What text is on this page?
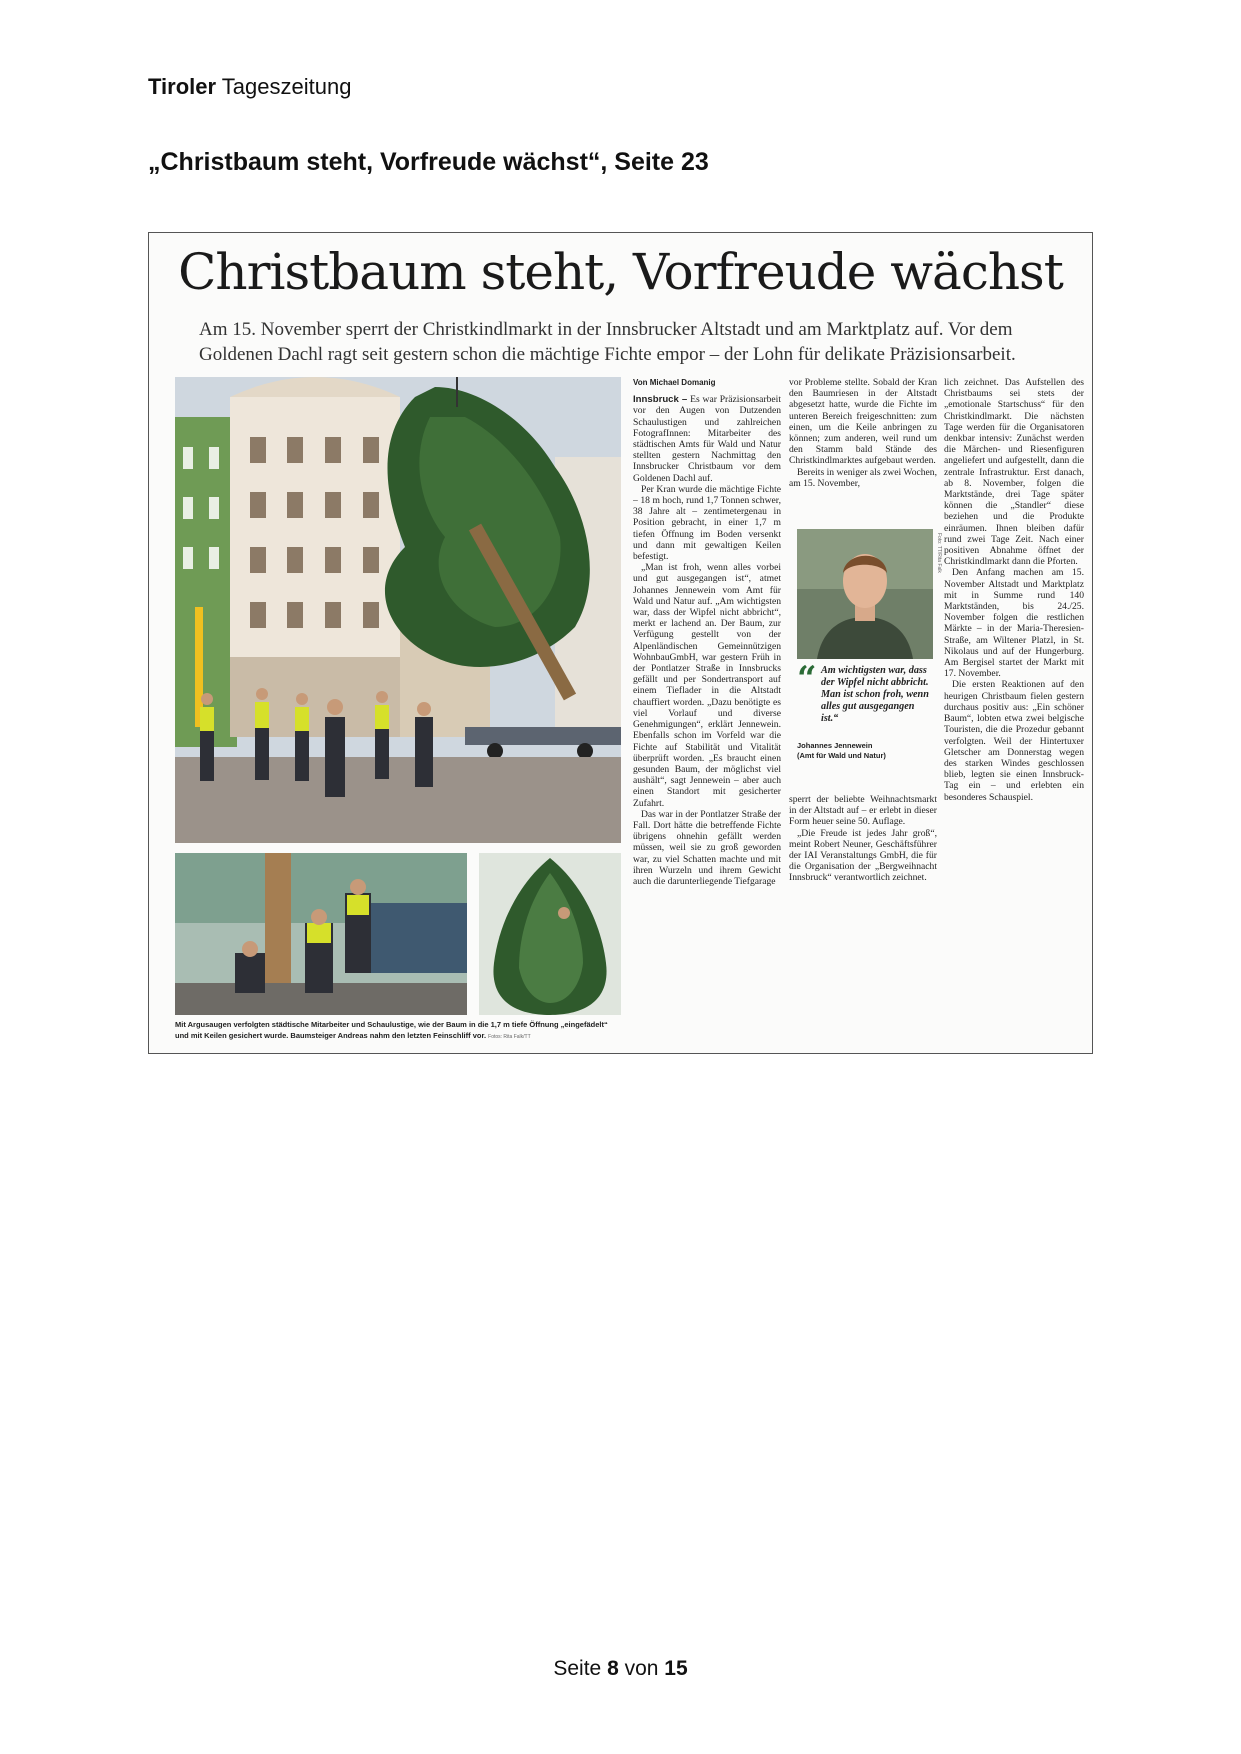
Tiroler Tageszeitung
„Christbaum steht, Vorfreude wächst“, Seite 23
Christbaum steht, Vorfreude wächst
Am 15. November sperrt der Christkindlmarkt in der Innsbrucker Altstadt und am Marktplatz auf. Vor dem Goldenen Dachl ragt seit gestern schon die mächtige Fichte empor – der Lohn für delikate Präzisionsarbeit.
Mit Argusaugen verfolgten städtische Mitarbeiter und Schaulustige, wie der Baum in die 1,7 m tiefe Öffnung „eingefädelt“ und mit Keilen gesichert wurde. Baumsteiger Andreas nahm den letzten Feinschliff vor. Fotos: Rita Falk/TT
Von Michael Domanig

Innsbruck – Es war Präzisionsarbeit vor den Augen von Dutzenden Schaulustigen und zahlreichen FotografInnen: Mitarbeiter des städtischen Amts für Wald und Natur stellten gestern Nachmittag den Innsbrucker Christbaum vor dem Goldenen Dachl auf.

Per Kran wurde die mächtige Fichte – 18 m hoch, rund 1,7 Tonnen schwer, 38 Jahre alt – zentimetergenau in Position gebracht, in einer 1,7 m tiefen Öffnung im Boden versenkt und dann mit gewaltigen Keilen befestigt.

„Man ist froh, wenn alles vorbei und gut ausgegangen ist“, atmet Johannes Jennewein vom Amt für Wald und Natur auf. „Am wichtigsten war, dass der Wipfel nicht abbricht“, merkt er lachend an. Der Baum, zur Verfügung gestellt von der Alpenländischen Gemeinnützigen WohnbauGmbH, war gestern Früh in der Pontlatzer Straße in Innsbrucks gefällt und per Sondertransport auf einem Tieflader in die Altstadt chauffiert worden. „Dazu benötigte es viel Vorlauf und diverse Genehmigungen“, erklärt Jennewein. Ebenfalls schon im Vorfeld war die Fichte auf Stabilität und Vitalität überprüft worden. „Es braucht einen gesunden Baum, der möglichst viel aushält“, sagt Jennewein – aber auch einen Standort mit gesicherter Zufahrt.

Das war in der Pontlatzer Straße der Fall. Dort hätte die betreffende Fichte übrigens ohnehin gefällt werden müssen, weil sie zu groß geworden war, zu viel Schatten machte und mit ihren Wurzeln und ihrem Gewicht auch die darunterliegende Tiefgarage

vor Probleme stellte. Sobald der Kran den Baumriesen in der Altstadt abgesetzt hatte, wurde die Fichte im unteren Bereich freigeschnitten: zum einen, um die Keile anbringen zu können; zum anderen, weil rund um den Stamm bald Stände des Christkindlmarktes aufgebaut werden.

Bereits in weniger als zwei Wochen, am 15. November,

Foto: TT/Rita Falk
“ Am wichtigsten war, dass der Wipfel nicht abbricht. Man ist schon froh, wenn alles gut ausgegangen ist.“
Johannes Jennewein
(Amt für Wald und Natur)

sperrt der beliebte Weihnachtsmarkt in der Altstadt auf – er erlebt in dieser Form heuer seine 50. Auflage.

„Die Freude ist jedes Jahr groß“, meint Robert Neuner, Geschäftsführer der IAI Veranstaltungs GmbH, die für die Organisation der „Bergweihnacht Innsbruck“ verantwortlich zeichnet.

lich zeichnet. Das Aufstellen des Christbaums sei stets der „emotionale Startschuss“ für den Christkindlmarkt. Die nächsten Tage werden für die Organisatoren denkbar intensiv: Zunächst werden die Märchen- und Riesenfiguren angeliefert und aufgestellt, dann die zentrale Infrastruktur. Erst danach, ab 8. November, folgen die Marktstände, drei Tage später können die „Standler“ diese beziehen und die Produkte einräumen. Ihnen bleiben dafür rund zwei Tage Zeit. Nach einer positiven Abnahme öffnet der Christkindlmarkt dann die Pforten.

Den Anfang machen am 15. November Altstadt und Marktplatz mit in Summe rund 140 Marktständen, bis 24./25. November folgen die restlichen Märkte – in der Maria-Theresien-Straße, am Wiltener Platzl, in St. Nikolaus und auf der Hungerburg. Am Bergisel startet der Markt mit 17. November.

Die ersten Reaktionen auf den heurigen Christbaum fielen gestern durchaus positiv aus: „Ein schöner Baum“, lobten etwa zwei belgische Touristen, die die Prozedur gebannt verfolgten. Weil der Hintertuxer Gletscher am Donnerstag wegen des starken Windes geschlossen blieb, legten sie einen Innsbruck-Tag ein – und erlebten ein besonderes Schauspiel.

Seite 8 von 15
